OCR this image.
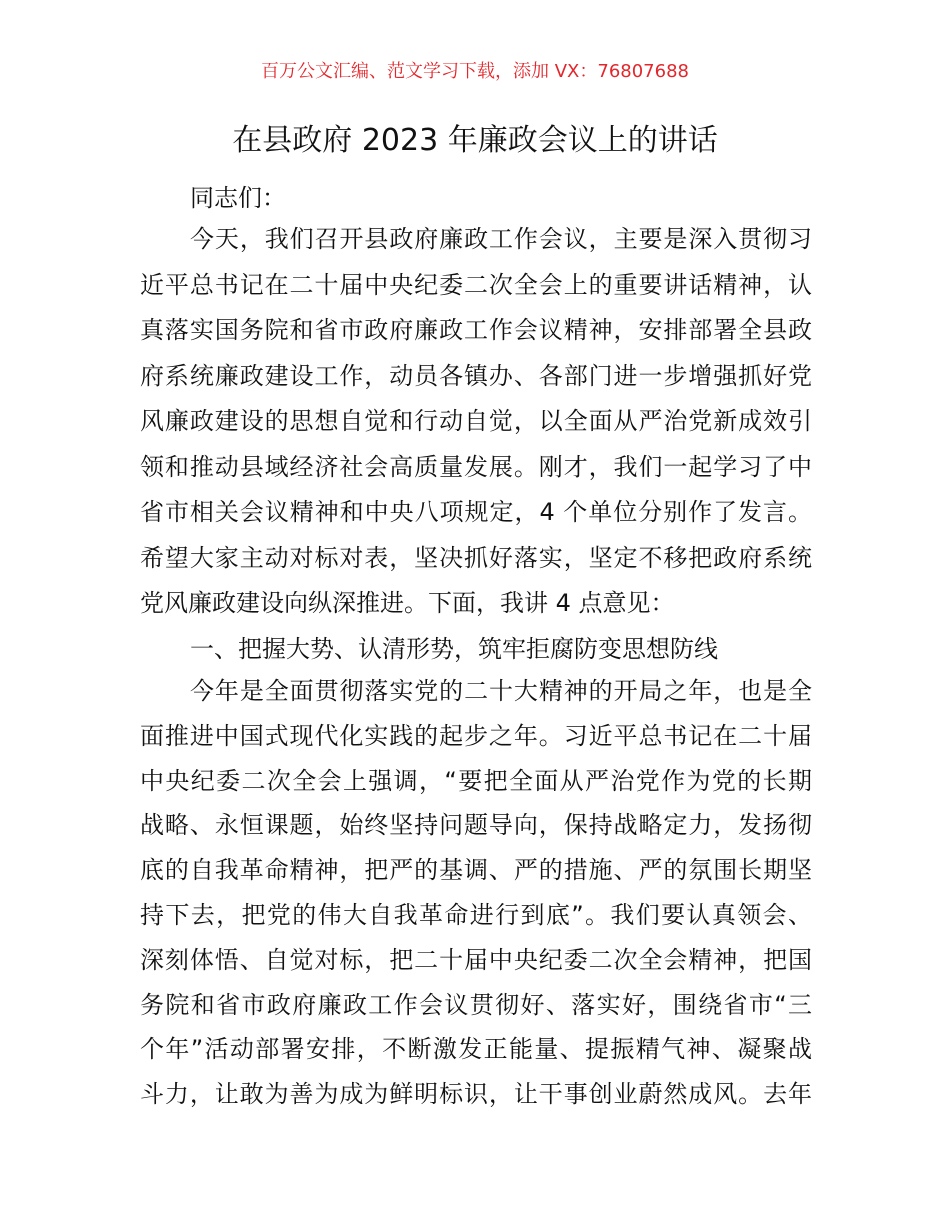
百万公文汇编、范文学习下载，添加 VX：76807688
在县政府 2023 年廉政会议上的讲话
同志们：
今天，我们召开县政府廉政工作会议，主要是深入贯彻习
近平总书记在二十届中央纪委二次全会上的重要讲话精神，认
真落实国务院和省市政府廉政工作会议精神，安排部署全县政
府系统廉政建设工作，动员各镇办、各部门进一步增强抓好党
风廉政建设的思想自觉和行动自觉，以全面从严治党新成效引
领和推动县域经济社会高质量发展。刚才，我们一起学习了中
省市相关会议精神和中央八项规定，4 个单位分别作了发言。
希望大家主动对标对表，坚决抓好落实，坚定不移把政府系统
党风廉政建设向纵深推进。下面，我讲 4 点意见：
一、把握大势、认清形势，筑牢拒腐防变思想防线
今年是全面贯彻落实党的二十大精神的开局之年，也是全
面推进中国式现代化实践的起步之年。习近平总书记在二十届
中央纪委二次全会上强调，“要把全面从严治党作为党的长期
战略、永恒课题，始终坚持问题导向，保持战略定力，发扬彻
底的自我革命精神，把严的基调、严的措施、严的氛围长期坚
持下去，把党的伟大自我革命进行到底”。我们要认真领会、
深刻体悟、自觉对标，把二十届中央纪委二次全会精神，把国
务院和省市政府廉政工作会议贯彻好、落实好，围绕省市“三
个年”活动部署安排，不断激发正能量、提振精气神、凝聚战
斗力，让敢为善为成为鲜明标识，让干事创业蔚然成风。去年
